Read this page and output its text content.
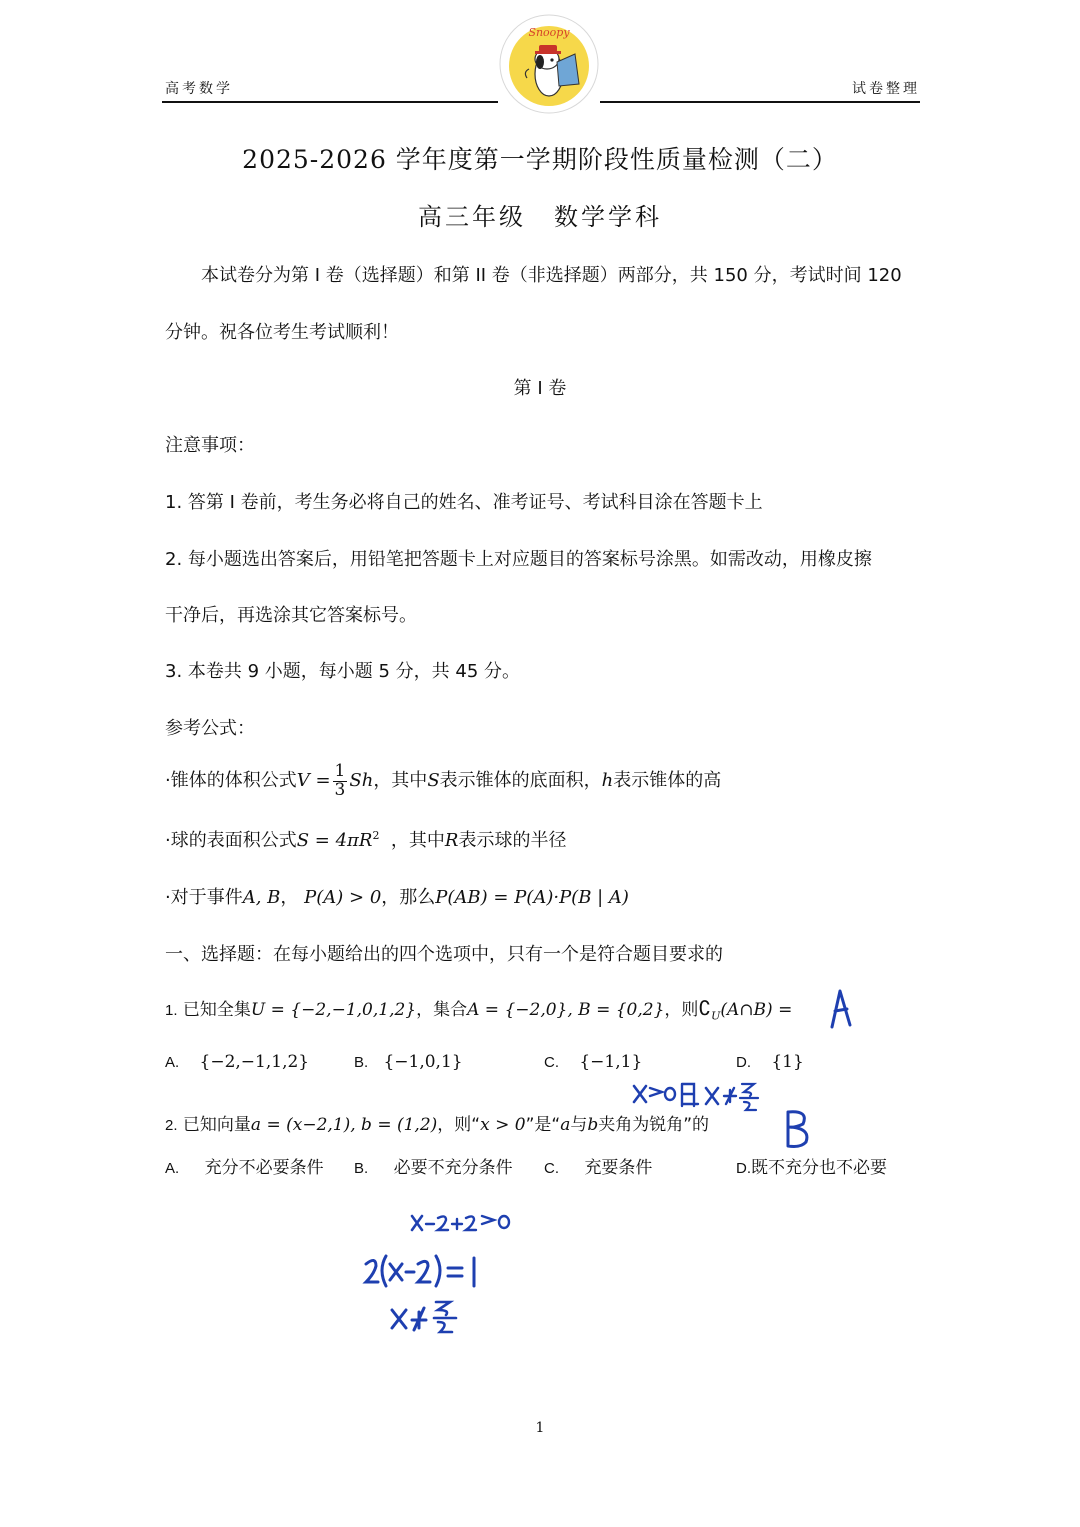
高考数学	试卷整理
Snoopy
2025-2026 学年度第一学期阶段性质量检测（二）
高三年级 数学学科
本试卷分为第 I 卷（选择题）和第 II 卷（非选择题）两部分，共 150 分，考试时间 120
分钟。祝各位考生考试顺利！
第 I 卷
注意事项：
1. 答第 I 卷前，考生务必将自己的姓名、准考证号、考试科目涂在答题卡上
2. 每小题选出答案后，用铅笔把答题卡上对应题目的答案标号涂黑。如需改动，用橡皮擦
干净后，再选涂其它答案标号。
3. 本卷共 9 小题，每小题 5 分，共 45 分。
参考公式：
·锥体的体积公式$V = \frac{1}{3}$ Sh，其中S表示锥体的底面积，h表示锥体的高
·球的表面积公式$S = 4\pi R^2$ ，其中R表示球的半径
·对于事件A, B， P(A) > 0，那么P(AB) = P(A)·P(B | A)
一、选择题：在每小题给出的四个选项中，只有一个是符合题目要求的
1. 已知全集U = {−2,−1,0,1,2}，集合A = {−2,0}, B = {0,2}，则$∁_U(A\cap B)$ =
A. {−2,−1,1,2}	B. {−1,0,1}	C. {−1,1}	D. {1}
2. 已知向量a = (x−2,1), b = (1,2)，则“x > 0”是“a与b夹角为锐角”的
A. 充分不必要条件 B. 必要不充分条件 C. 充要条件	D.既不充分也不必要
1
